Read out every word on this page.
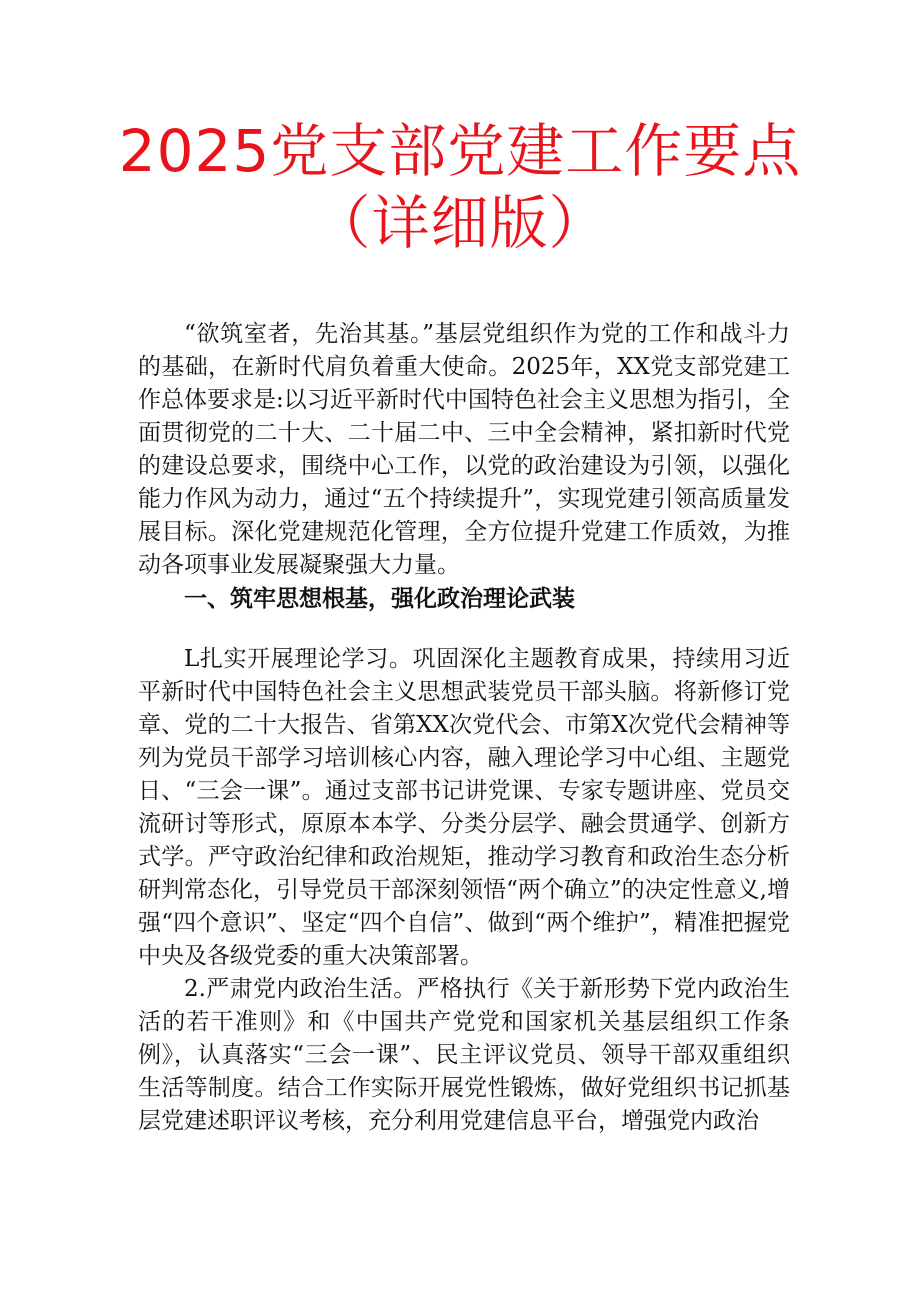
2025党支部党建工作要点
（详细版）

“欲筑室者，先治其基。”基层党组织作为党的工作和战斗力的基础，在新时代肩负着重大使命。2025年，XX党支部党建工作总体要求是:以习近平新时代中国特色社会主义思想为指引，全面贯彻党的二十大、二十届二中、三中全会精神，紧扣新时代党的建设总要求，围绕中心工作，以党的政治建设为引领，以强化能力作风为动力，通过“五个持续提升”，实现党建引领高质量发展目标。深化党建规范化管理，全方位提升党建工作质效，为推动各项事业发展凝聚强大力量。

一、筑牢思想根基，强化政治理论武装

L扎实开展理论学习。巩固深化主题教育成果，持续用习近平新时代中国特色社会主义思想武装党员干部头脑。将新修订党章、党的二十大报告、省第XX次党代会、市第X次党代会精神等列为党员干部学习培训核心内容，融入理论学习中心组、主题党日、“三会一课”。通过支部书记讲党课、专家专题讲座、党员交流研讨等形式，原原本本学、分类分层学、融会贯通学、创新方式学。严守政治纪律和政治规矩，推动学习教育和政治生态分析研判常态化，引导党员干部深刻领悟“两个确立”的决定性意义,增强“四个意识”、坚定“四个自信”、做到“两个维护”，精准把握党中央及各级党委的重大决策部署。

2.严肃党内政治生活。严格执行《关于新形势下党内政治生活的若干准则》和《中国共产党党和国家机关基层组织工作条例》，认真落实“三会一课”、民主评议党员、领导干部双重组织生活等制度。结合工作实际开展党性锻炼，做好党组织书记抓基层党建述职评议考核，充分利用党建信息平台，增强党内政治
